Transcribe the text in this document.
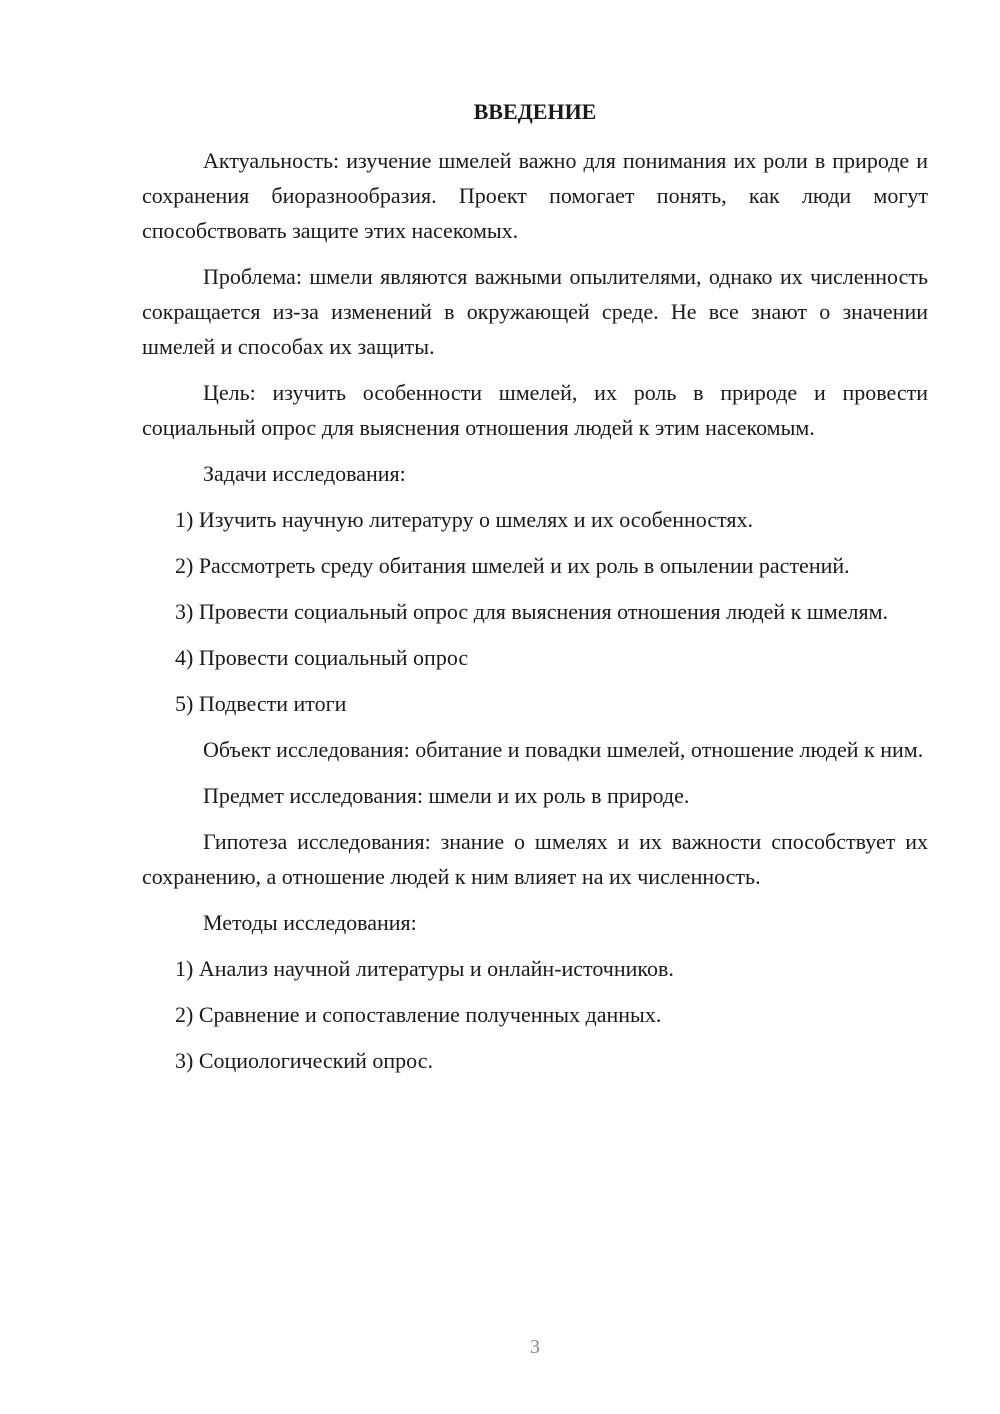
ВВЕДЕНИЕ

Актуальность: изучение шмелей важно для понимания их роли в природе и сохранения биоразнообразия. Проект помогает понять, как люди могут способствовать защите этих насекомых.

Проблема: шмели являются важными опылителями, однако их численность сокращается из-за изменений в окружающей среде. Не все знают о значении шмелей и способах их защиты.

Цель: изучить особенности шмелей, их роль в природе и провести социальный опрос для выяснения отношения людей к этим насекомым.

Задачи исследования:

1) Изучить научную литературу о шмелях и их особенностях.

2) Рассмотреть среду обитания шмелей и их роль в опылении растений.

3) Провести социальный опрос для выяснения отношения людей к шмелям.

4) Провести социальный опрос

5) Подвести итоги

Объект исследования: обитание и повадки шмелей, отношение людей к ним.

Предмет исследования: шмели и их роль в природе.

Гипотеза исследования: знание о шмелях и их важности способствует их сохранению, а отношение людей к ним влияет на их численность.

Методы исследования:

1) Анализ научной литературы и онлайн-источников.

2) Сравнение и сопоставление полученных данных.

3) Социологический опрос.

3
